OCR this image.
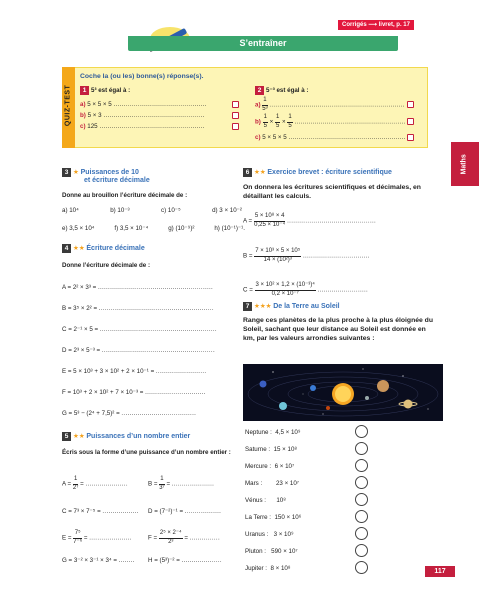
Corrigés ⟶ livret, p. 17
S’entraîner
Maths
QUIZ-TEST
Coche la (ou les) bonne(s) réponse(s).
1 5³ est égal à :
a) 5 × 5 × 5 ..............................................
b) 5 × 3 ..................................................
c) 125 ....................................................
2 5⁻³ est égal à :
$a) \frac{1}{\text{5³}}$ ...................................................................
$b) \frac{1}{5} \times \frac{1}{5} \times \frac{1}{5}$ .......................................................
c) 5 × 5 × 5 ..........................................................
3 ★ Puissances de 10
et écriture décimale
Donne au brouillon l’écriture décimale de :
a) 10⁴	b) 10⁻³	c) 10⁻⁵	d) 3 × 10⁻²
e) 3,5 × 10⁴	f) 3,5 × 10⁻⁴	g) (10⁻⁹)²	h) (10⁻¹)⁻¹.
4 ★★ Écriture décimale
Donne l’écriture décimale de :
A = 2² × 3³ = .........................................................
B = 3⁵ × 2² = .........................................................
C = 2⁻¹ × 5 = ..........................................................
D = 2³ × 5⁻³ = ........................................................
E = 5 × 10³ + 3 × 10² + 2 × 10⁻¹ = .........................
F = 10³ + 2 × 10² + 7 × 10⁻³ = ..............................
G = 5³ − (2⁴ + 7,5)² = .....................................
5 ★★ Puissances d’un nombre entier
Écris sous la forme d’une puissance d’un nombre entier :
$A = \frac{1}{\text{2⁷}}$ = .....................	$B = \frac{1}{\text{3⁷}}$ = .....................
C = 7³ × 7⁻⁵ = .................. D = (7⁻²)⁻¹ = ..................
$E = \frac{\text{7⁵}}{\text{7⁻⁶}}$ = .....................	$F = \frac{\text{2⁵ × 2⁻⁴}}{\text{2³}}$ = ...............
G = 3⁻² × 3⁻¹ × 3⁴ = ........ H = (5³)⁻² = ....................
6 ★★ Exercice brevet : écriture scientifique
On donnera les écritures scientifiques et décimales, en détaillant les calculs.
$A = \frac{\text{5 × 10⁸ × 4}}{\text{0,25 × 10⁻⁴}}$ ............................................
$B = \frac{\text{7 × 10³ × 5 × 10⁵}}{\text{14 × (10²)³}}$ .................................
$C = \frac{\text{3 × 10² × 1,2 × (10⁻³)⁴}}{\text{0,2 × 10⁻⁷}}$ .........................
7 ★★★ De la Terre au Soleil
Range ces planètes de la plus proche à la plus éloignée du Soleil, sachant que leur distance au Soleil est donnée en km, par les valeurs arrondies suivantes :
Neptune : 4,5 × 10⁹
Saturne : 15 × 10⁸
Mercure : 6 × 10⁷
Mars : 23 × 10⁷
Vénus : 10⁸
La Terre : 150 × 10⁶
Uranus : 3 × 10⁹
Pluton : 590 × 10⁷
Jupiter : 8 × 10⁸	117
